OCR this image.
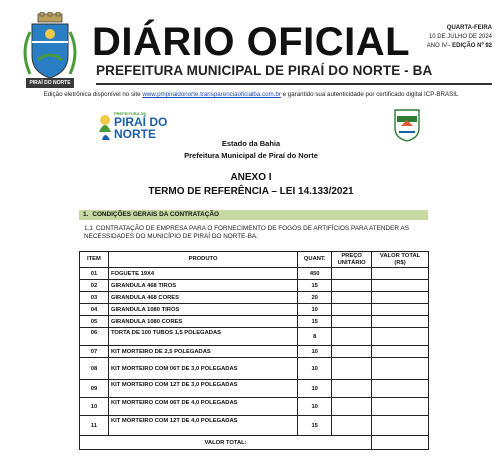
PIRAÍ DO NORTE
DIÁRIO OFICIAL
PREFEITURA MUNICIPAL DE PIRAÍ DO NORTE - BA
QUARTA-FEIRA
10 DE JULHO DE 2024
ANO IV– EDIÇÃO Nº 92
Edição eletrônica disponível no site www.pmpiraidonorte.transparenciaoficialba.com.br e garantido sua autenticidade por certificado digital ICP-BRASIL
PREFEITURA DE
PIRAÍ DO
NORTE
Estado da Bahia
Prefeitura Municipal de Piraí do Norte
ANEXO I
TERMO DE REFERÊNCIA – LEI 14.133/2021
1. CONDIÇÕES GERAIS DA CONTRATAÇÃO
1.1 CONTRATAÇÃO DE EMPRESA PARA O FORNECIMENTO DE FOGOS DE ARTIFÍCIOS PARA ATENDER AS NECESSIDADES DO MUNICÍPIO DE PIRAÍ DO NORTE-BA.
ITEM	PRODUTO	QUANT.	PREÇO UNITÁRIO	VALOR TOTAL (R$)
01	FOGUETE 19X4	450		
02	GIRANDULA 468 TIROS	15		
03	GIRANDULA 468 CORES	20		
04	GIRANDULA 1080 TIROS	10		
05	GIRANDULA 1080 CORES	15		
06	TORTA DE 100 TUBOS 1,5 POLEGADAS	8		
07	KIT MORTEIRO DE 2,5 POLEGADAS	10		
08	KIT MORTEIRO COM 06T DE 3,0 POLEGADAS	10		
09	KIT MORTEIRO COM 12T DE 3,0 POLEGADAS	10		
10	KIT MORTEIRO COM 06T DE 4,0 POLEGADAS	10		
11	KIT MORTEIRO COM 12T DE 4,0 POLEGADAS	15		
VALOR TOTAL:				
